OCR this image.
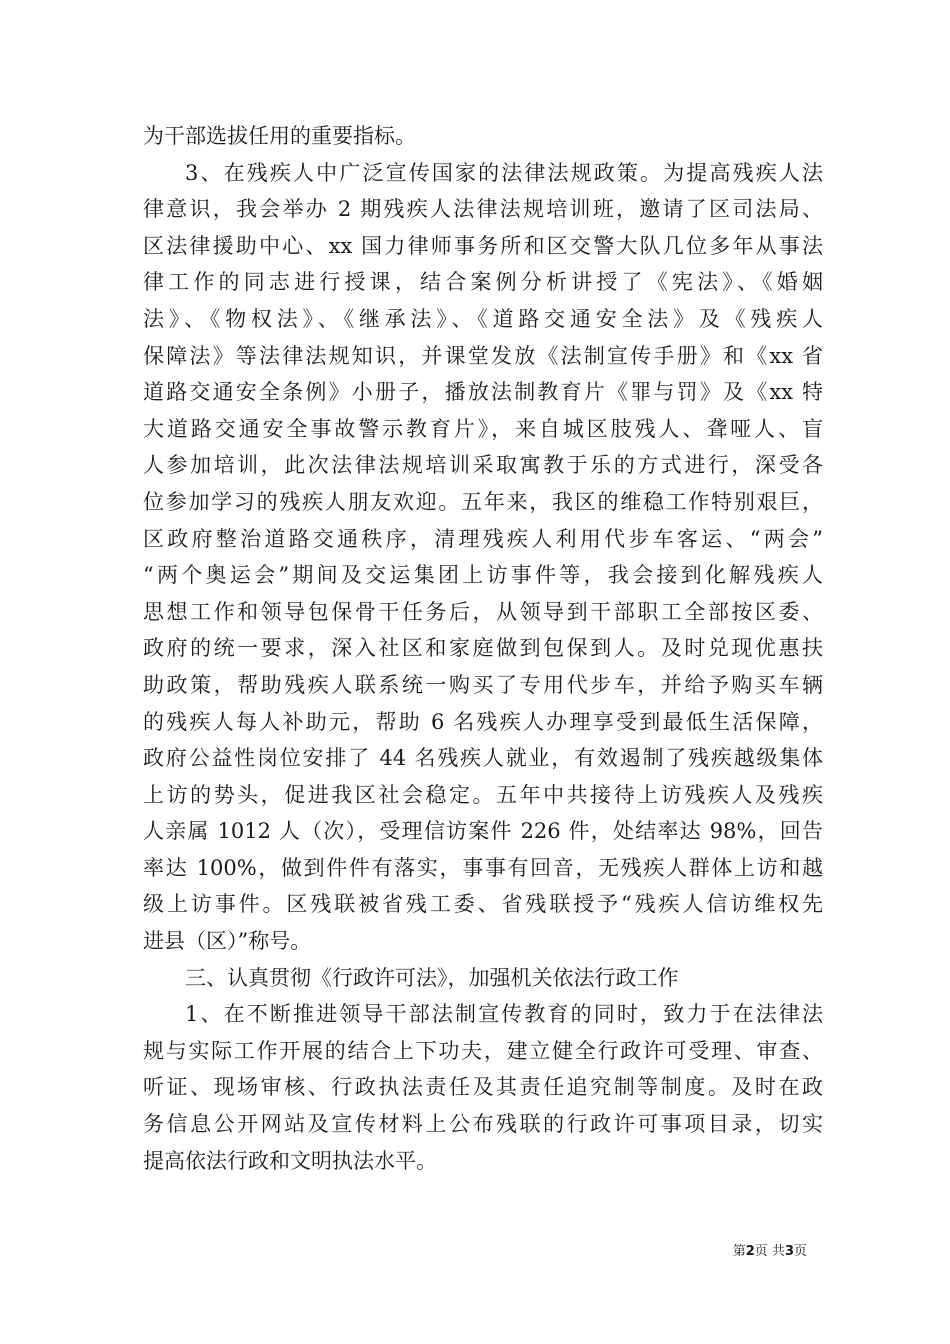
为干部选拔任用的重要指标。
3、在残疾人中广泛宣传国家的法律法规政策。为提高残疾人法
律意识，我会举办 2 期残疾人法律法规培训班，邀请了区司法局、
区法律援助中心、xx 国力律师事务所和区交警大队几位多年从事法
律工作的同志进行授课，结合案例分析讲授了《宪法》、《婚姻
法》、《物权法》、《继承法》、《道路交通安全法》及《残疾人
保障法》等法律法规知识，并课堂发放《法制宣传手册》和《xx 省
道路交通安全条例》小册子，播放法制教育片《罪与罚》及《xx 特
大道路交通安全事故警示教育片》，来自城区肢残人、聋哑人、盲
人参加培训，此次法律法规培训采取寓教于乐的方式进行，深受各
位参加学习的残疾人朋友欢迎。五年来，我区的维稳工作特别艰巨，
区政府整治道路交通秩序，清理残疾人利用代步车客运、“两会”
“两个奥运会”期间及交运集团上访事件等，我会接到化解残疾人
思想工作和领导包保骨干任务后，从领导到干部职工全部按区委、
政府的统一要求，深入社区和家庭做到包保到人。及时兑现优惠扶
助政策，帮助残疾人联系统一购买了专用代步车，并给予购买车辆
的残疾人每人补助元，帮助 6 名残疾人办理享受到最低生活保障，
政府公益性岗位安排了 44 名残疾人就业，有效遏制了残疾越级集体
上访的势头，促进我区社会稳定。五年中共接待上访残疾人及残疾
人亲属 1012 人（次），受理信访案件 226 件，处结率达 98%，回告
率达 100%，做到件件有落实，事事有回音，无残疾人群体上访和越
级上访事件。区残联被省残工委、省残联授予“残疾人信访维权先
进县（区）”称号。
三、认真贯彻《行政许可法》，加强机关依法行政工作
1、在不断推进领导干部法制宣传教育的同时，致力于在法律法
规与实际工作开展的结合上下功夫，建立健全行政许可受理、审查、
听证、现场审核、行政执法责任及其责任追究制等制度。及时在政
务信息公开网站及宣传材料上公布残联的行政许可事项目录，切实
提高依法行政和文明执法水平。
第2页 共3页
